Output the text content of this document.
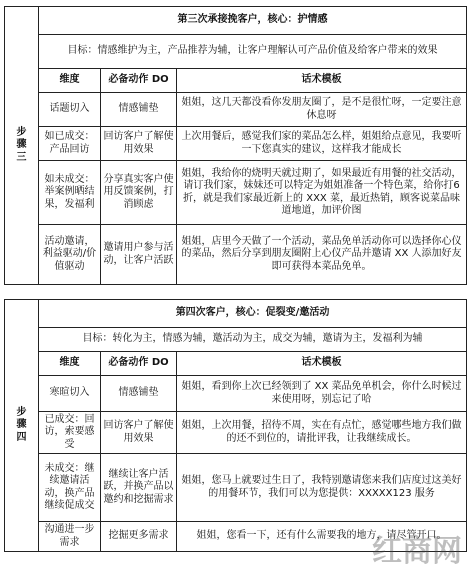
步骤三	第三次承接挽客户，核心：护情感		
	目标：情感维护为主，产品推荐为辅，让客户理解认可产品价值及给客户带来的效果		
	维度	必备动作 DO	话术模板
	话题切入	情感铺垫	姐姐，这几天都没看你发朋友圈了，是不是很忙呀，一定要注意休息呀
	如已成交：产品回访	回访客户了解使用效果	上次用餐后，感觉我们家的菜品怎么样，姐姐给点意见，我要听一下您真实的建议，这样我才能成长
	如未成交：举案例晒结果，发福利	分享真实客户使用反馈案例，打消顾虑	姐姐，我给你的烧明天就过期了，如果最近有用餐的社交活动，请订我们家，妹妹还可以特定为姐姐准备一个特色菜，给你打6折，就是我们家最近新上的 XXX 菜，最近热销，顾客说菜品味道地道，加评价图
	活动邀请，利益驱动/价值驱动	邀请用户参与活动，让客户活跃	姐姐，店里今天做了一个活动，菜品免单活动你可以选择你心仪的菜品，然后分享到朋友圈附上心仪产品并邀请 XX 人添加好友即可获得本菜品免单。

步骤四	第四次客户，核心：促裂变/邀活动		
	目标：转化为主，情感为辅，邀活动为主，成交为辅，邀请为主，发福利为辅		
	维度	必备动作 DO	话术模板
	寒暄切入	情感铺垫	姐姐，看到你上次已经领到了 XX 菜品免单机会，你什么时候过来使用呀，别忘记了哈
	已成交：回访，索要感受	回访客户了解使用效果	姐姐，上次用餐，招待不周，实在有点忙，感觉哪些地方我们做的还不到位的，请批评我，让我继续成长。
	未成交：继续邀请活动，换产品继续促成交	继续让客户活跃，并换产品以邀约和挖掘需求	姐姐，您马上就要过生日了，我特别邀请您来我们店度过这美好的用餐环节，我们可以为您提供：XXXXX123 服务
	沟通进一步需求	挖掘更多需求	姐姐，您看一下，还有什么需要我的地方，请尽管开口。
红商网
